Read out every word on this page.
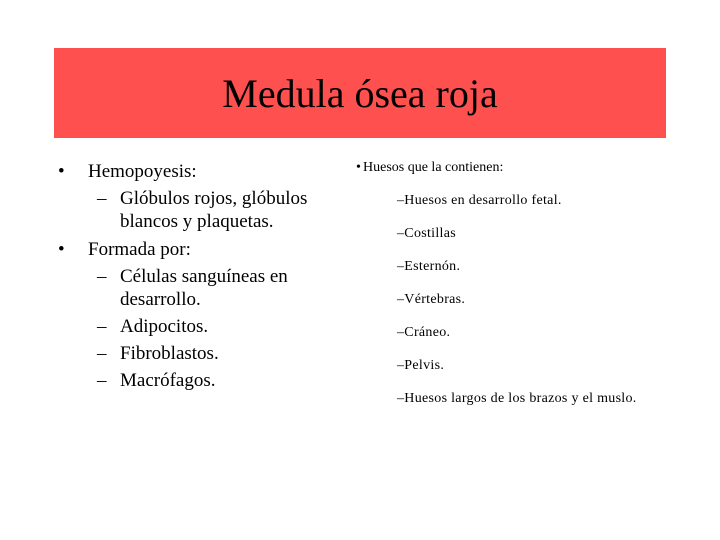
Medula ósea roja
• Hemopoyesis:
– Glóbulos rojos, glóbulos blancos y plaquetas.
• Formada por:
– Células sanguíneas en desarrollo.
– Adipocitos.
– Fibroblastos.
– Macrófagos.
• Huesos que la contienen:
–Huesos en desarrollo fetal.
–Costillas
–Esternón.
–Vértebras.
–Cráneo.
–Pelvis.
–Huesos largos de los brazos y el muslo.
